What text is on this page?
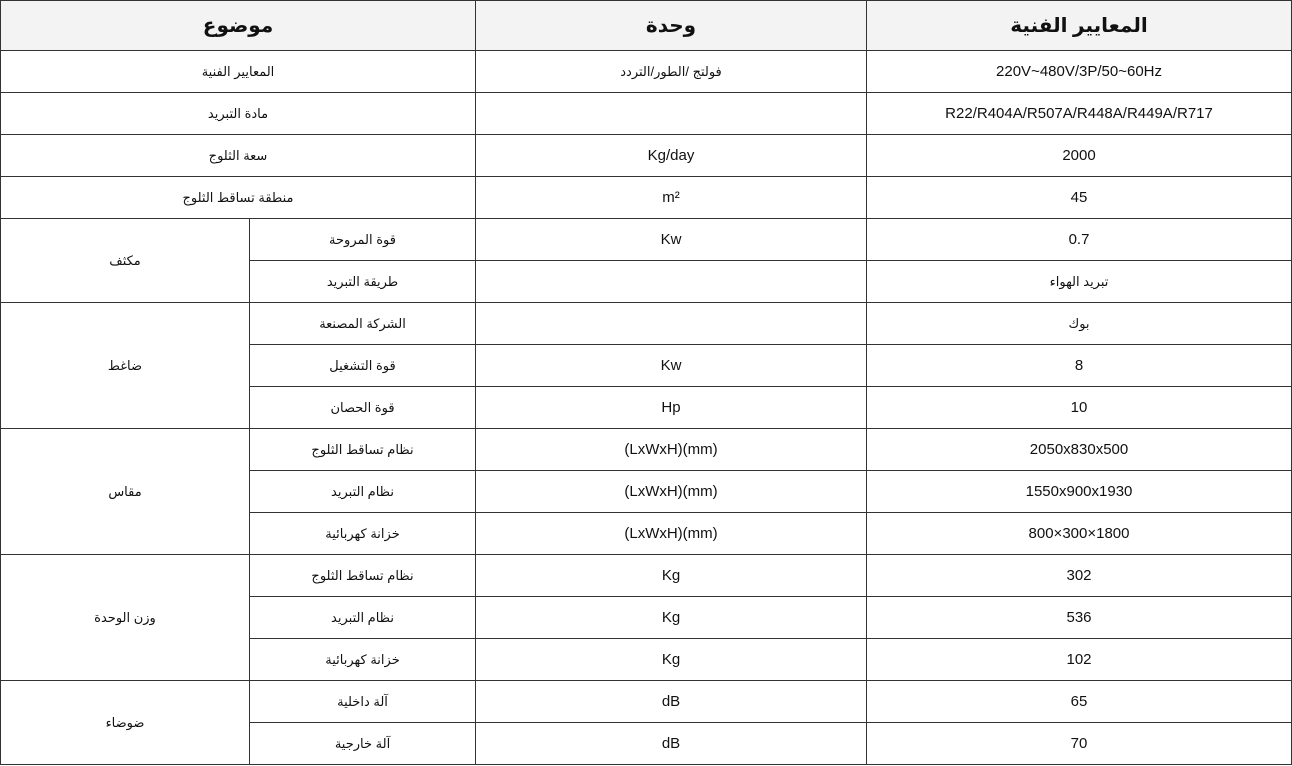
موضوع		وحدة	المعايير الفنية
المعايير الفنية		فولتج /الطور/التردد	220V~480V/3P/50~60Hz
مادة التبريد			R22/R404A/R507A/R448A/R449A/R717
سعة الثلوج		Kg/day	2000
منطقة تساقط الثلوج		m²	45
مكثف	قوة المروحة	Kw	0.7
	طريقة التبريد		تبريد الهواء
ضاغط	الشركة المصنعة		بوك
	قوة التشغيل	Kw	8
	قوة الحصان	Hp	10
مقاس	نظام تساقط الثلوج	(LxWxH)(mm)	2050x830x500
	نظام التبريد	(LxWxH)(mm)	1550x900x1930
	خزانة كهربائية	(LxWxH)(mm)	800×300×1800
وزن الوحدة	نظام تساقط الثلوج	Kg	302
	نظام التبريد	Kg	536
	خزانة كهربائية	Kg	102
ضوضاء	آلة داخلية	dB	65
	آلة خارجية	dB	70
